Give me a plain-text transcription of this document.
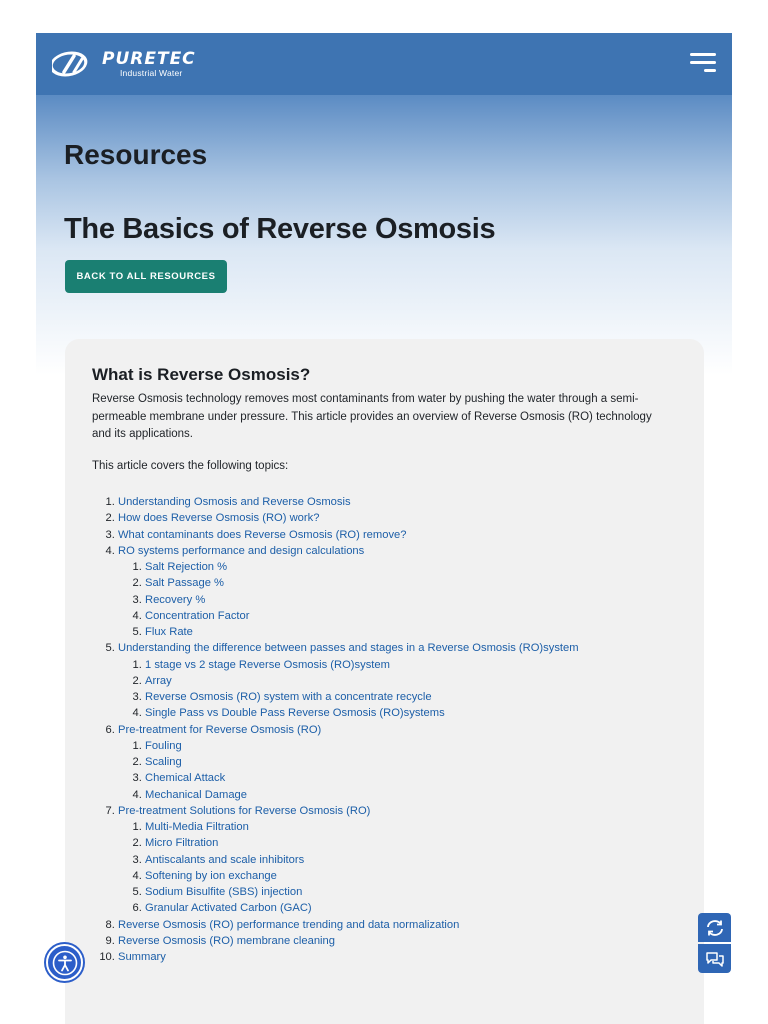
PURETEC
Industrial Water
Resources
The Basics of Reverse Osmosis
BACK TO ALL RESOURCES
What is Reverse Osmosis?

Reverse Osmosis technology removes most contaminants from water by pushing the water through a semi-permeable membrane under pressure. This article provides an overview of Reverse Osmosis (RO) technology and its applications.

This article covers the following topics:

1. Understanding Osmosis and Reverse Osmosis
2. How does Reverse Osmosis (RO) work?
3. What contaminants does Reverse Osmosis (RO) remove?
4. RO systems performance and design calculations
1. Salt Rejection %
2. Salt Passage %
3. Recovery %
4. Concentration Factor
5. Flux Rate
5. Understanding the difference between passes and stages in a Reverse Osmosis (RO)system
1. 1 stage vs 2 stage Reverse Osmosis (RO)system
2. Array
3. Reverse Osmosis (RO) system with a concentrate recycle
4. Single Pass vs Double Pass Reverse Osmosis (RO)systems
6. Pre-treatment for Reverse Osmosis (RO)
1. Fouling
2. Scaling
3. Chemical Attack
4. Mechanical Damage
7. Pre-treatment Solutions for Reverse Osmosis (RO)
1. Multi-Media Filtration
2. Micro Filtration
3. Antiscalants and scale inhibitors
4. Softening by ion exchange
5. Sodium Bisulfite (SBS) injection
6. Granular Activated Carbon (GAC)
8. Reverse Osmosis (RO) performance trending and data normalization
9. Reverse Osmosis (RO) membrane cleaning
10. Summary
